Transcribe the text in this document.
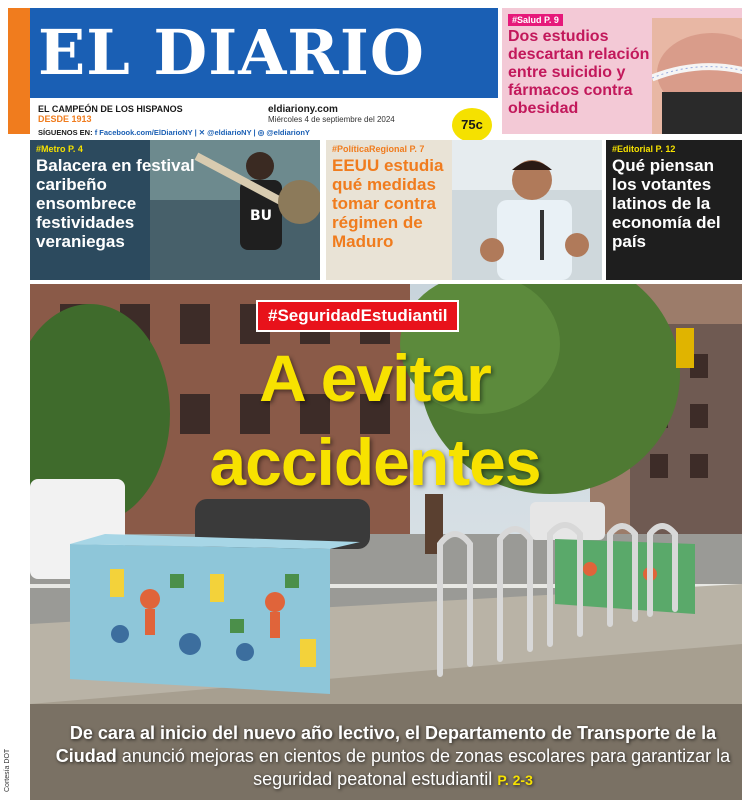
EL DIARIO
EL CAMPEÓN DE LOS HISPANOS
DESDE 1913
SÍGUENOS EN: f Facebook.com/ElDiarioNY | ✕ @eldiarioNY | ◎ @eldiarionY
eldiariony.com
Miércoles 4 de septiembre del 2024	75c
#Salud P. 9
Dos estudios descartan relación entre suicidio y fármacos contra obesidad
BU
#Metro P. 4
Balacera en festival caribeño ensombrece festividades veraniegas
#PolíticaRegional P. 7
EEUU estudia qué medidas tomar contra régimen de Maduro
#Editorial P. 12
Qué piensan los votantes latinos de la economía del país
Cortesía DOT
#SeguridadEstudiantil
A evitar
accidentes
De cara al inicio del nuevo año lectivo, el Departamento de Transporte de la Ciudad anunció mejoras en cientos de puntos de zonas escolares para garantizar la seguridad peatonal estudiantil P. 2-3
